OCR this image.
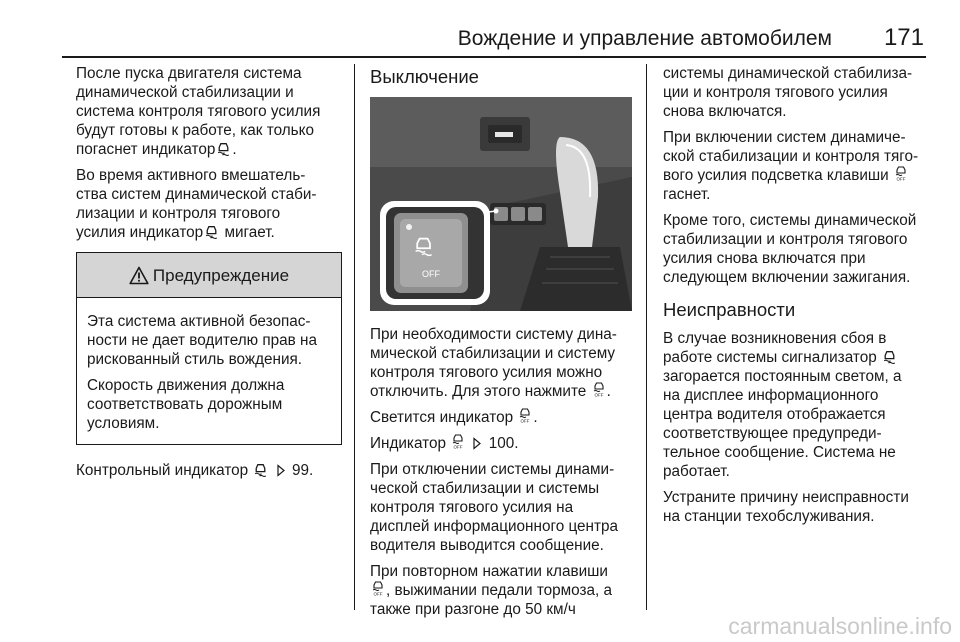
Вождение и управление автомобилем 171

После пуска двигателя система
динамической стабилизации и
система контроля тягового усилия
будут готовы к работе, как только
погаснет индикатор .

Во время активного вмешатель-
ства систем динамической стаби-
лизации и контроля тягового
усилия индикатор мигает.

Предупреждение

Эта система активной безопас-
ности не дает водителю прав на
рискованный стиль вождения.

Скорость движения должна
соответствовать дорожным
условиям.

Контрольный индикатор	99.

Выключение
OFF

При необходимости систему дина-
мической стабилизации и систему
контроля тягового усилия можно
отключить. Для этого нажмите .

Светится индикатор .

Индикатор	100.

При отключении системы динами-
ческой стабилизации и системы
контроля тягового усилия на
дисплей информационного центра
водителя выводится сообщение.

При повторном нажатии клавиши
, выжимании педали тормоза, а
также при разгоне до 50 км/ч

системы динамической стабилиза-
ции и контроля тягового усилия
снова включатся.

При включении систем динамиче-
ской стабилизации и контроля тяго-
вого усилия подсветка клавиши
гаснет.

Кроме того, системы динамической
стабилизации и контроля тягового
усилия снова включатся при
следующем включении зажигания.

Неисправности

В случае возникновения сбоя в
работе системы сигнализатор
загорается постоянным светом, а
на дисплее информационного
центра водителя отображается
соответствующее предупреди-
тельное сообщение. Система не
работает.

Устраните причину неисправности
на станции техобслуживания.

carmanualsonline.info
